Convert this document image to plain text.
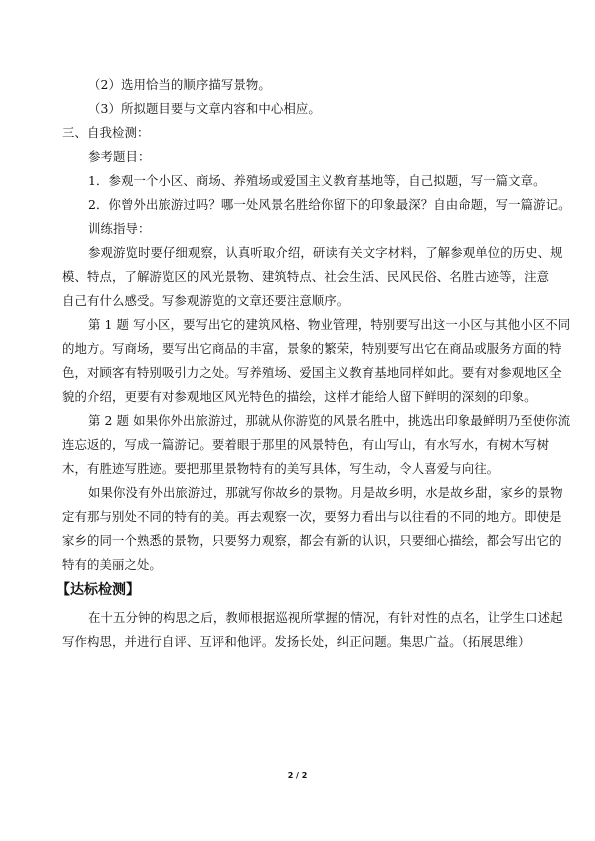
（2）选用恰当的顺序描写景物。
（3）所拟题目要与文章内容和中心相应。
三、自我检测：
参考题目：
1．参观一个小区、商场、养殖场或爱国主义教育基地等，自己拟题，写一篇文章。
2．你曾外出旅游过吗？哪一处风景名胜给你留下的印象最深？自由命题，写一篇游记。
训练指导：
参观游览时要仔细观察，认真听取介绍，研读有关文字材料，了解参观单位的历史、规
模、特点，了解游览区的风光景物、建筑特点、社会生活、民风民俗、名胜古迹等，注意
自己有什么感受。写参观游览的文章还要注意顺序。
第 1 题 写小区，要写出它的建筑风格、物业管理，特别要写出这一小区与其他小区不同
的地方。写商场，要写出它商品的丰富，景象的繁荣，特别要写出它在商品或服务方面的特
色，对顾客有特别吸引力之处。写养殖场、爱国主义教育基地同样如此。要有对参观地区全
貌的介绍，更要有对参观地区风光特色的描绘，这样才能给人留下鲜明的深刻的印象。
第 2 题 如果你外出旅游过，那就从你游览的风景名胜中，挑选出印象最鲜明乃至使你流
连忘返的，写成一篇游记。要着眼于那里的风景特色，有山写山，有水写水，有树木写树
木，有胜迹写胜迹。要把那里景物特有的美写具体，写生动，令人喜爱与向往。
如果你没有外出旅游过，那就写你故乡的景物。月是故乡明，水是故乡甜，家乡的景物
定有那与别处不同的特有的美。再去观察一次，要努力看出与以往看的不同的地方。即使是
家乡的同一个熟悉的景物，只要努力观察，都会有新的认识，只要细心描绘，都会写出它的
特有的美丽之处。
【达标检测】
在十五分钟的构思之后，教师根据巡视所掌握的情况，有针对性的点名，让学生口述起
写作构思，并进行自评、互评和他评。发扬长处，纠正问题。集思广益。（拓展思维）
2 / 2
